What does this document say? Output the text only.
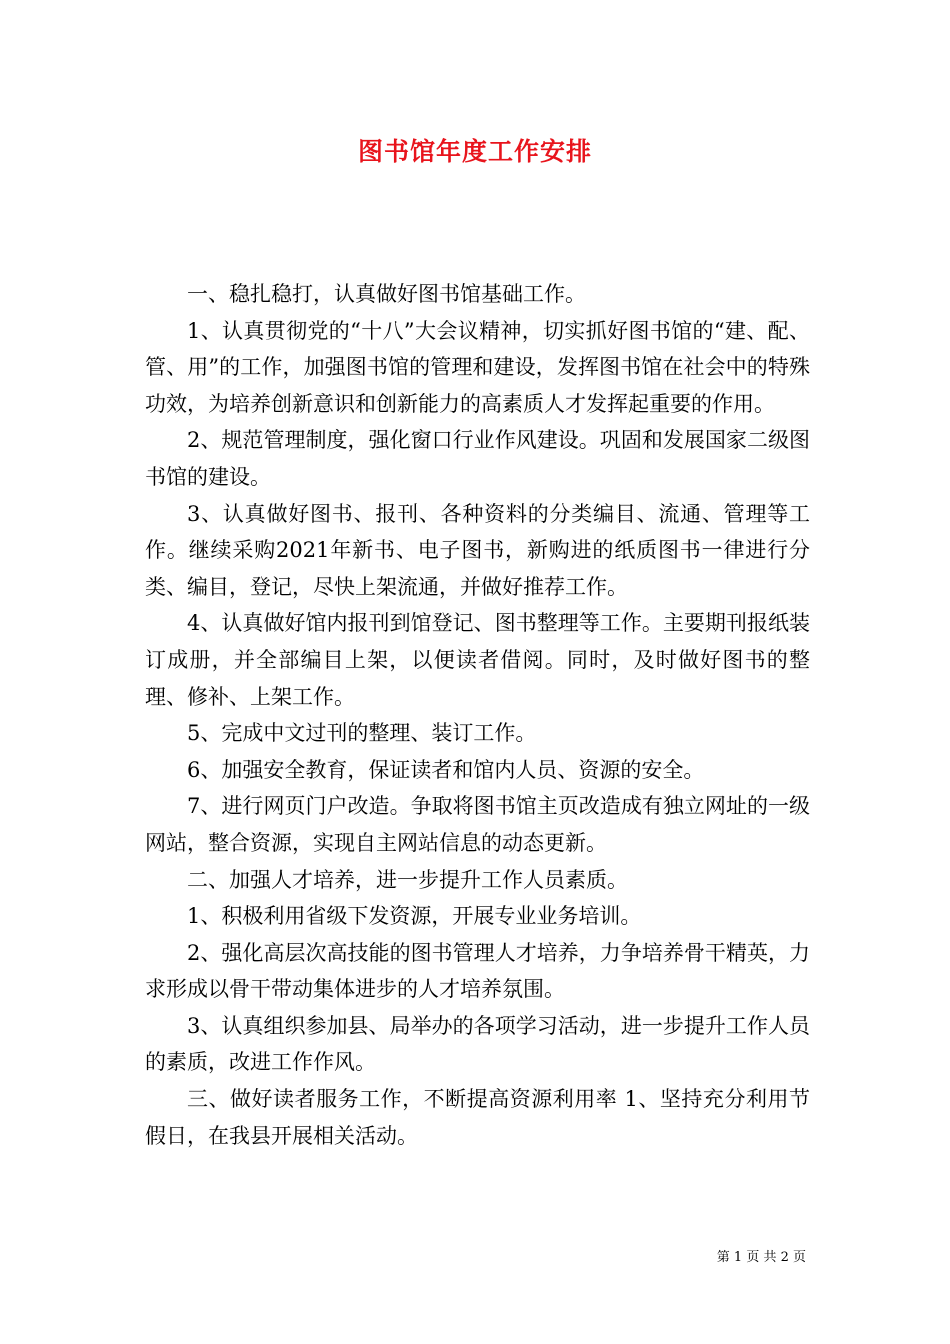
图书馆年度工作安排

一、稳扎稳打，认真做好图书馆基础工作。

1、认真贯彻党的“十八”大会议精神，切实抓好图书馆的“建、配、管、用”的工作，加强图书馆的管理和建设，发挥图书馆在社会中的特殊功效，为培养创新意识和创新能力的高素质人才发挥起重要的作用。

2、规范管理制度，强化窗口行业作风建设。巩固和发展国家二级图书馆的建设。

3、认真做好图书、报刊、各种资料的分类编目、流通、管理等工作。继续采购2021年新书、电子图书，新购进的纸质图书一律进行分类、编目，登记，尽快上架流通，并做好推荐工作。

4、认真做好馆内报刊到馆登记、图书整理等工作。主要期刊报纸装订成册，并全部编目上架，以便读者借阅。同时，及时做好图书的整理、修补、上架工作。

5、完成中文过刊的整理、装订工作。

6、加强安全教育，保证读者和馆内人员、资源的安全。

7、进行网页门户改造。争取将图书馆主页改造成有独立网址的一级网站，整合资源，实现自主网站信息的动态更新。

二、加强人才培养，进一步提升工作人员素质。

1、积极利用省级下发资源，开展专业业务培训。

2、强化高层次高技能的图书管理人才培养，力争培养骨干精英，力求形成以骨干带动集体进步的人才培养氛围。

3、认真组织参加县、局举办的各项学习活动，进一步提升工作人员的素质，改进工作作风。

三、做好读者服务工作，不断提高资源利用率 1、坚持充分利用节假日，在我县开展相关活动。

第 1 页 共 2 页
